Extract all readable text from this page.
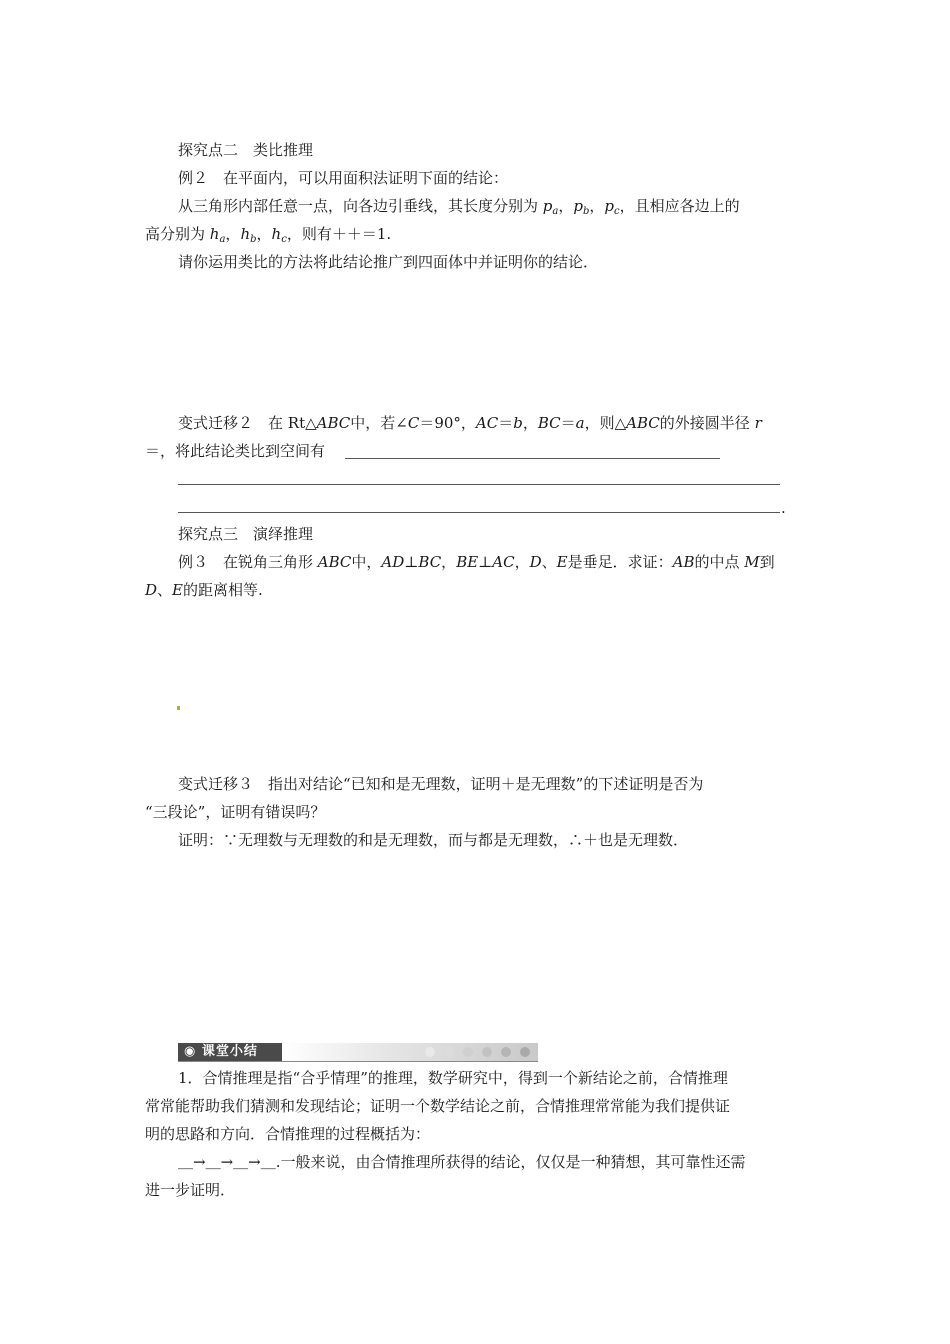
探究点二　类比推理
例２　在平面内，可以用面积法证明下面的结论：
从三角形内部任意一点，向各边引垂线，其长度分别为 $p_a$，$p_b$，$p_c$，且相应各边上的
高分别为 $h_a$，$h_b$，$h_c$，则有＋＋＝1.
请你运用类比的方法将此结论推广到四面体中并证明你的结论．
变式迁移２　在 Rt△ABC中，若∠C＝90°，AC＝b，BC＝a，则△ABC的外接圆半径 r
＝，将此结论类比到空间有
.
探究点三　演绎推理
例３　在锐角三角形 ABC中，AD⊥BC，BE⊥AC，D、E是垂足．求证：AB的中点 M到
D、E的距离相等.
变式迁移３　指出对结论“已知和是无理数，证明＋是无理数”的下述证明是否为
“三段论”，证明有错误吗？
证明：∵无理数与无理数的和是无理数，而与都是无理数，∴＋也是无理数．
◉ 课堂小结
1．合情推理是指“合乎情理”的推理，数学研究中，得到一个新结论之前，合情推理
常常能帮助我们猜测和发现结论；证明一个数学结论之前，合情推理常常能为我们提供证
明的思路和方向．合情推理的过程概括为：
＿→＿→＿→＿.一般来说，由合情推理所获得的结论，仅仅是一种猜想，其可靠性还需
进一步证明．
